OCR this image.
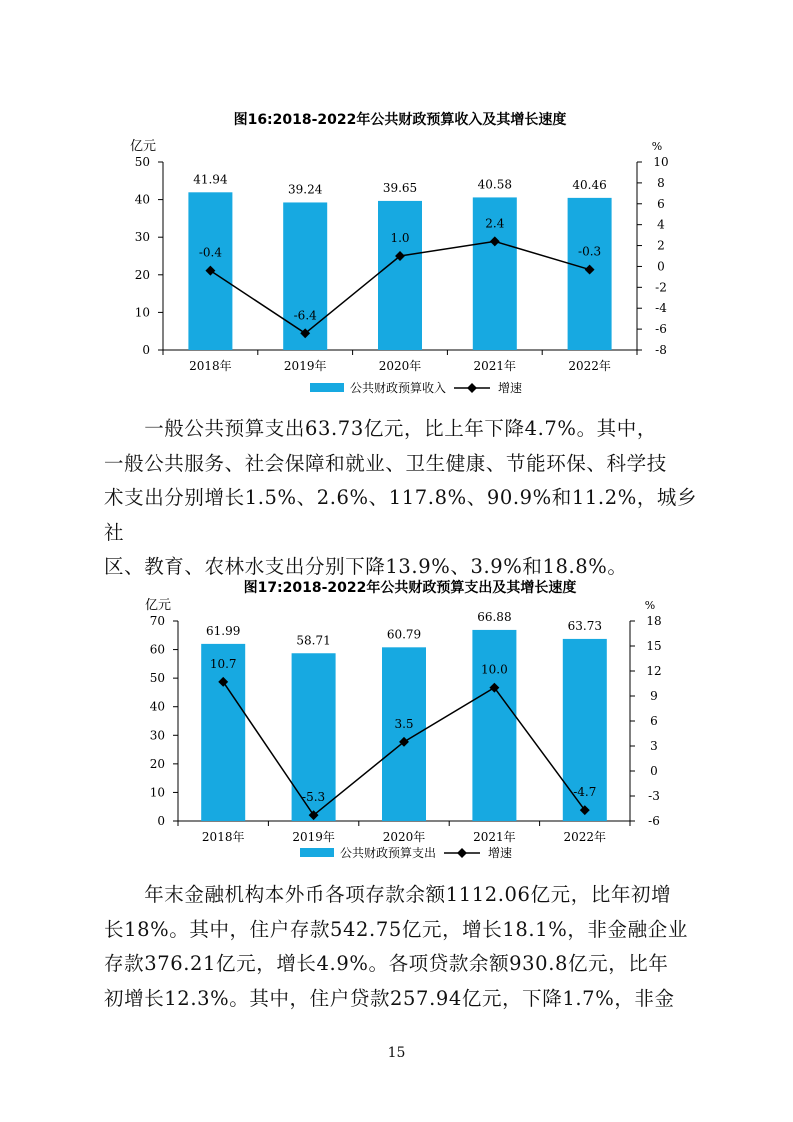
图16:2018-2022年公共财政预算收入及其增长速度
亿元	%
0
10
20
30
40
50
-8
-6
-4
-2
0
2
4
6
8
10
41.94
2018年
39.24
2019年
39.65
2020年
40.58
2021年
40.46
2022年
-0.4
-6.4
1.0
2.4
-0.3
公共财政预算收入	增速

　　一般公共预算支出63.73亿元，比上年下降4.7%。其中，
一般公共服务、社会保障和就业、卫生健康、节能环保、科学技
术支出分别增长1.5%、2.6%、117.8%、90.9%和11.2%，城乡社
区、教育、农林水支出分别下降13.9%、3.9%和18.8%。

图17:2018-2022年公共财政预算支出及其增长速度
亿元	%
0
10
20
30
40
50
60
70
-6
-3
0
3
6
9
12
15
18
61.99
2018年
58.71
2019年
60.79
2020年
66.88
2021年
63.73
2022年
10.7
-5.3
3.5
10.0
-4.7
公共财政预算支出	增速

　　年末金融机构本外币各项存款余额1112.06亿元，比年初增
长18%。其中，住户存款542.75亿元，增长18.1%，非金融企业
存款376.21亿元，增长4.9%。各项贷款余额930.8亿元，比年
初增长12.3%。其中，住户贷款257.94亿元，下降1.7%，非金

15
